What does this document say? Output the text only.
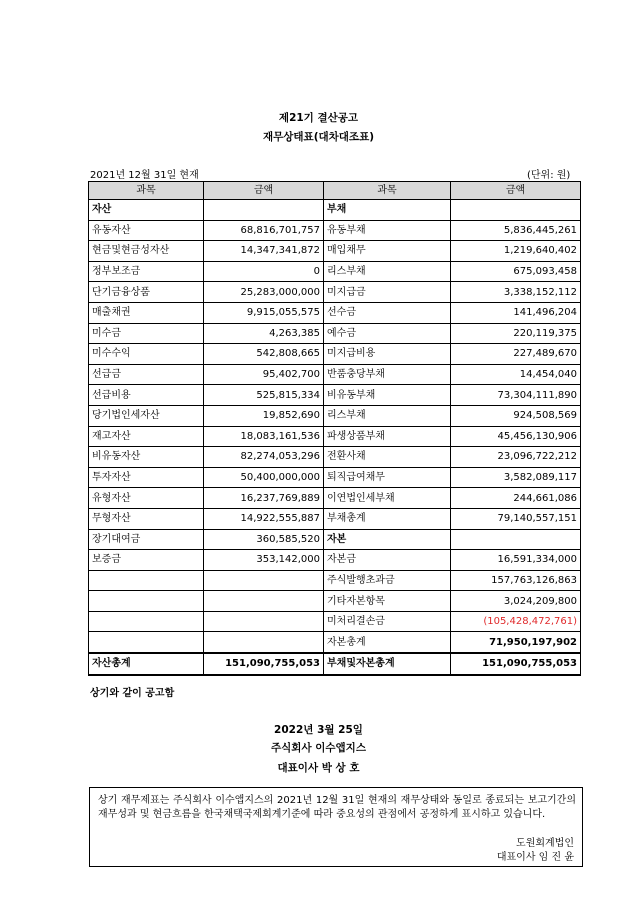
제21기 결산공고
재무상태표(대차대조표)
2021년 12월 31일 현재	(단위: 원)
과목	금액	과목	금액
자산		부채	
유동자산	68,816,701,757	유동부채	5,836,445,261
현금및현금성자산	14,347,341,872	매입채무	1,219,640,402
정부보조금	0	리스부채	675,093,458
단기금융상품	25,283,000,000	미지급금	3,338,152,112
매출채권	9,915,055,575	선수금	141,496,204
미수금	4,263,385	예수금	220,119,375
미수수익	542,808,665	미지급비용	227,489,670
선급금	95,402,700	반품충당부채	14,454,040
선급비용	525,815,334	비유동부채	73,304,111,890
당기법인세자산	19,852,690	리스부채	924,508,569
재고자산	18,083,161,536	파생상품부채	45,456,130,906
비유동자산	82,274,053,296	전환사채	23,096,722,212
투자자산	50,400,000,000	퇴직급여채무	3,582,089,117
유형자산	16,237,769,889	이연법인세부채	244,661,086
무형자산	14,922,555,887	부채총계	79,140,557,151
장기대여금	360,585,520	자본	
보증금	353,142,000	자본금	16,591,334,000
		주식발행초과금	157,763,126,863
		기타자본항목	3,024,209,800
		미처리결손금	(105,428,472,761)
		자본총계	71,950,197,902
자산총계	151,090,755,053	부채및자본총계	151,090,755,053
상기와 같이 공고함
2022년 3월 25일
주식회사 이수앱지스
대표이사 박 상 호
상기 재무제표는 주식회사 이수앱지스의 2021년 12월 31일 현재의 재무상태와 동일로 종료되는 보고기간의 재무성과 및 현금흐름을 한국채택국제회계기준에 따라 중요성의 관점에서 공정하게 표시하고 있습니다.
도원회계법인
대표이사 임 진 윤
